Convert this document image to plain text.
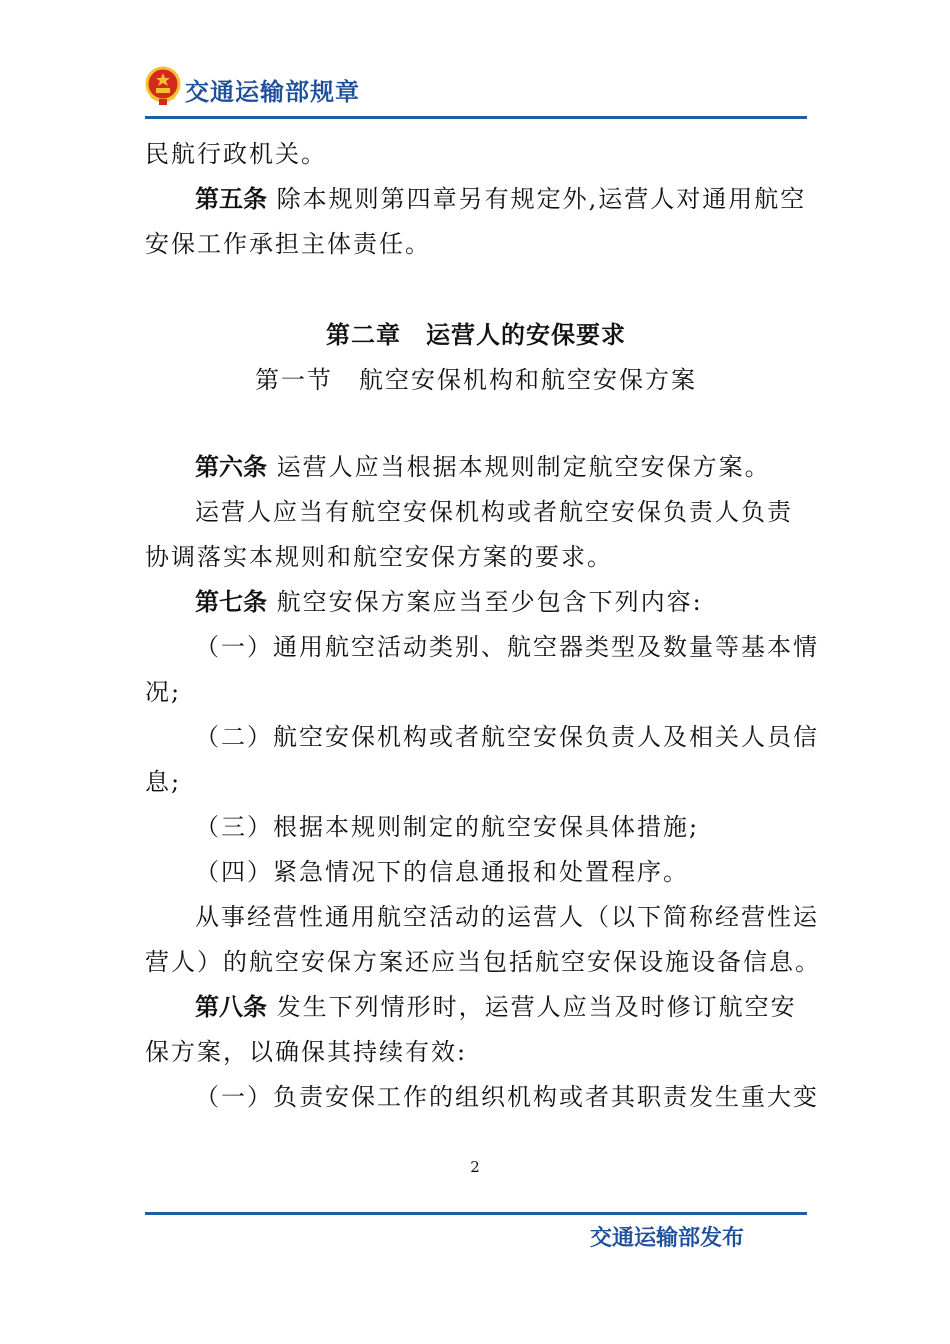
交通运输部规章
民航行政机关。
第五条 除本规则第四章另有规定外,运营人对通用航空
安保工作承担主体责任。
第二章　运营人的安保要求
第一节　航空安保机构和航空安保方案
第六条 运营人应当根据本规则制定航空安保方案。
运营人应当有航空安保机构或者航空安保负责人负责
协调落实本规则和航空安保方案的要求。
第七条 航空安保方案应当至少包含下列内容:
（一）通用航空活动类别、航空器类型及数量等基本情
况;
（二）航空安保机构或者航空安保负责人及相关人员信
息;
（三）根据本规则制定的航空安保具体措施;
（四）紧急情况下的信息通报和处置程序。
从事经营性通用航空活动的运营人（以下简称经营性运
营人）的航空安保方案还应当包括航空安保设施设备信息。
第八条 发生下列情形时，运营人应当及时修订航空安
保方案，以确保其持续有效:
（一）负责安保工作的组织机构或者其职责发生重大变
2
交通运输部发布
